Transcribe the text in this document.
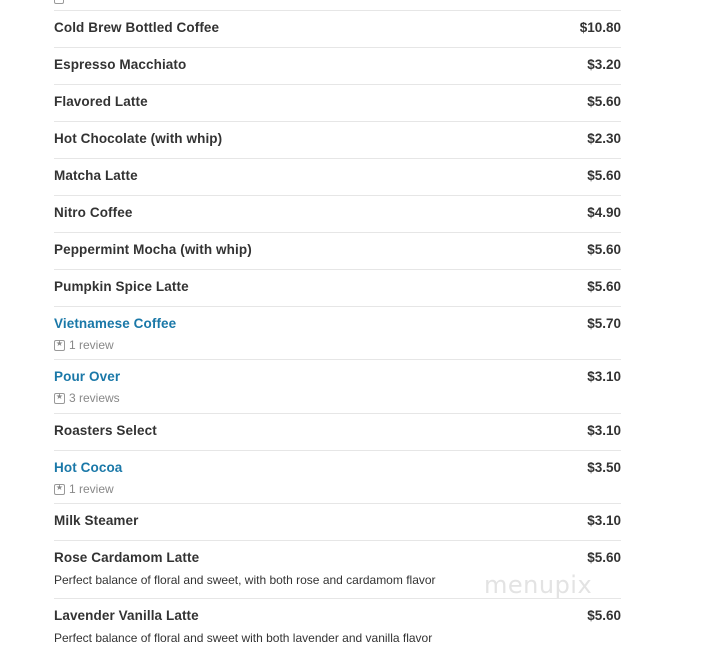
Cold Brew Bottled Coffee	$10.80
Espresso Macchiato	$3.20
Flavored Latte	$5.60
Hot Chocolate (with whip)	$2.30
Matcha Latte	$5.60
Nitro Coffee	$4.90
Peppermint Mocha (with whip)	$5.60
Pumpkin Spice Latte	$5.60
Vietnamese Coffee	$5.70
★
1 review
Pour Over	$3.10
★
3 reviews
Roasters Select	$3.10
Hot Cocoa	$3.50
★
1 review
Milk Steamer	$3.10
Rose Cardamom Latte	$5.60
Perfect balance of floral and sweet, with both rose and cardamom flavor
Lavender Vanilla Latte	$5.60
Perfect balance of floral and sweet with both lavender and vanilla flavor
menupix
